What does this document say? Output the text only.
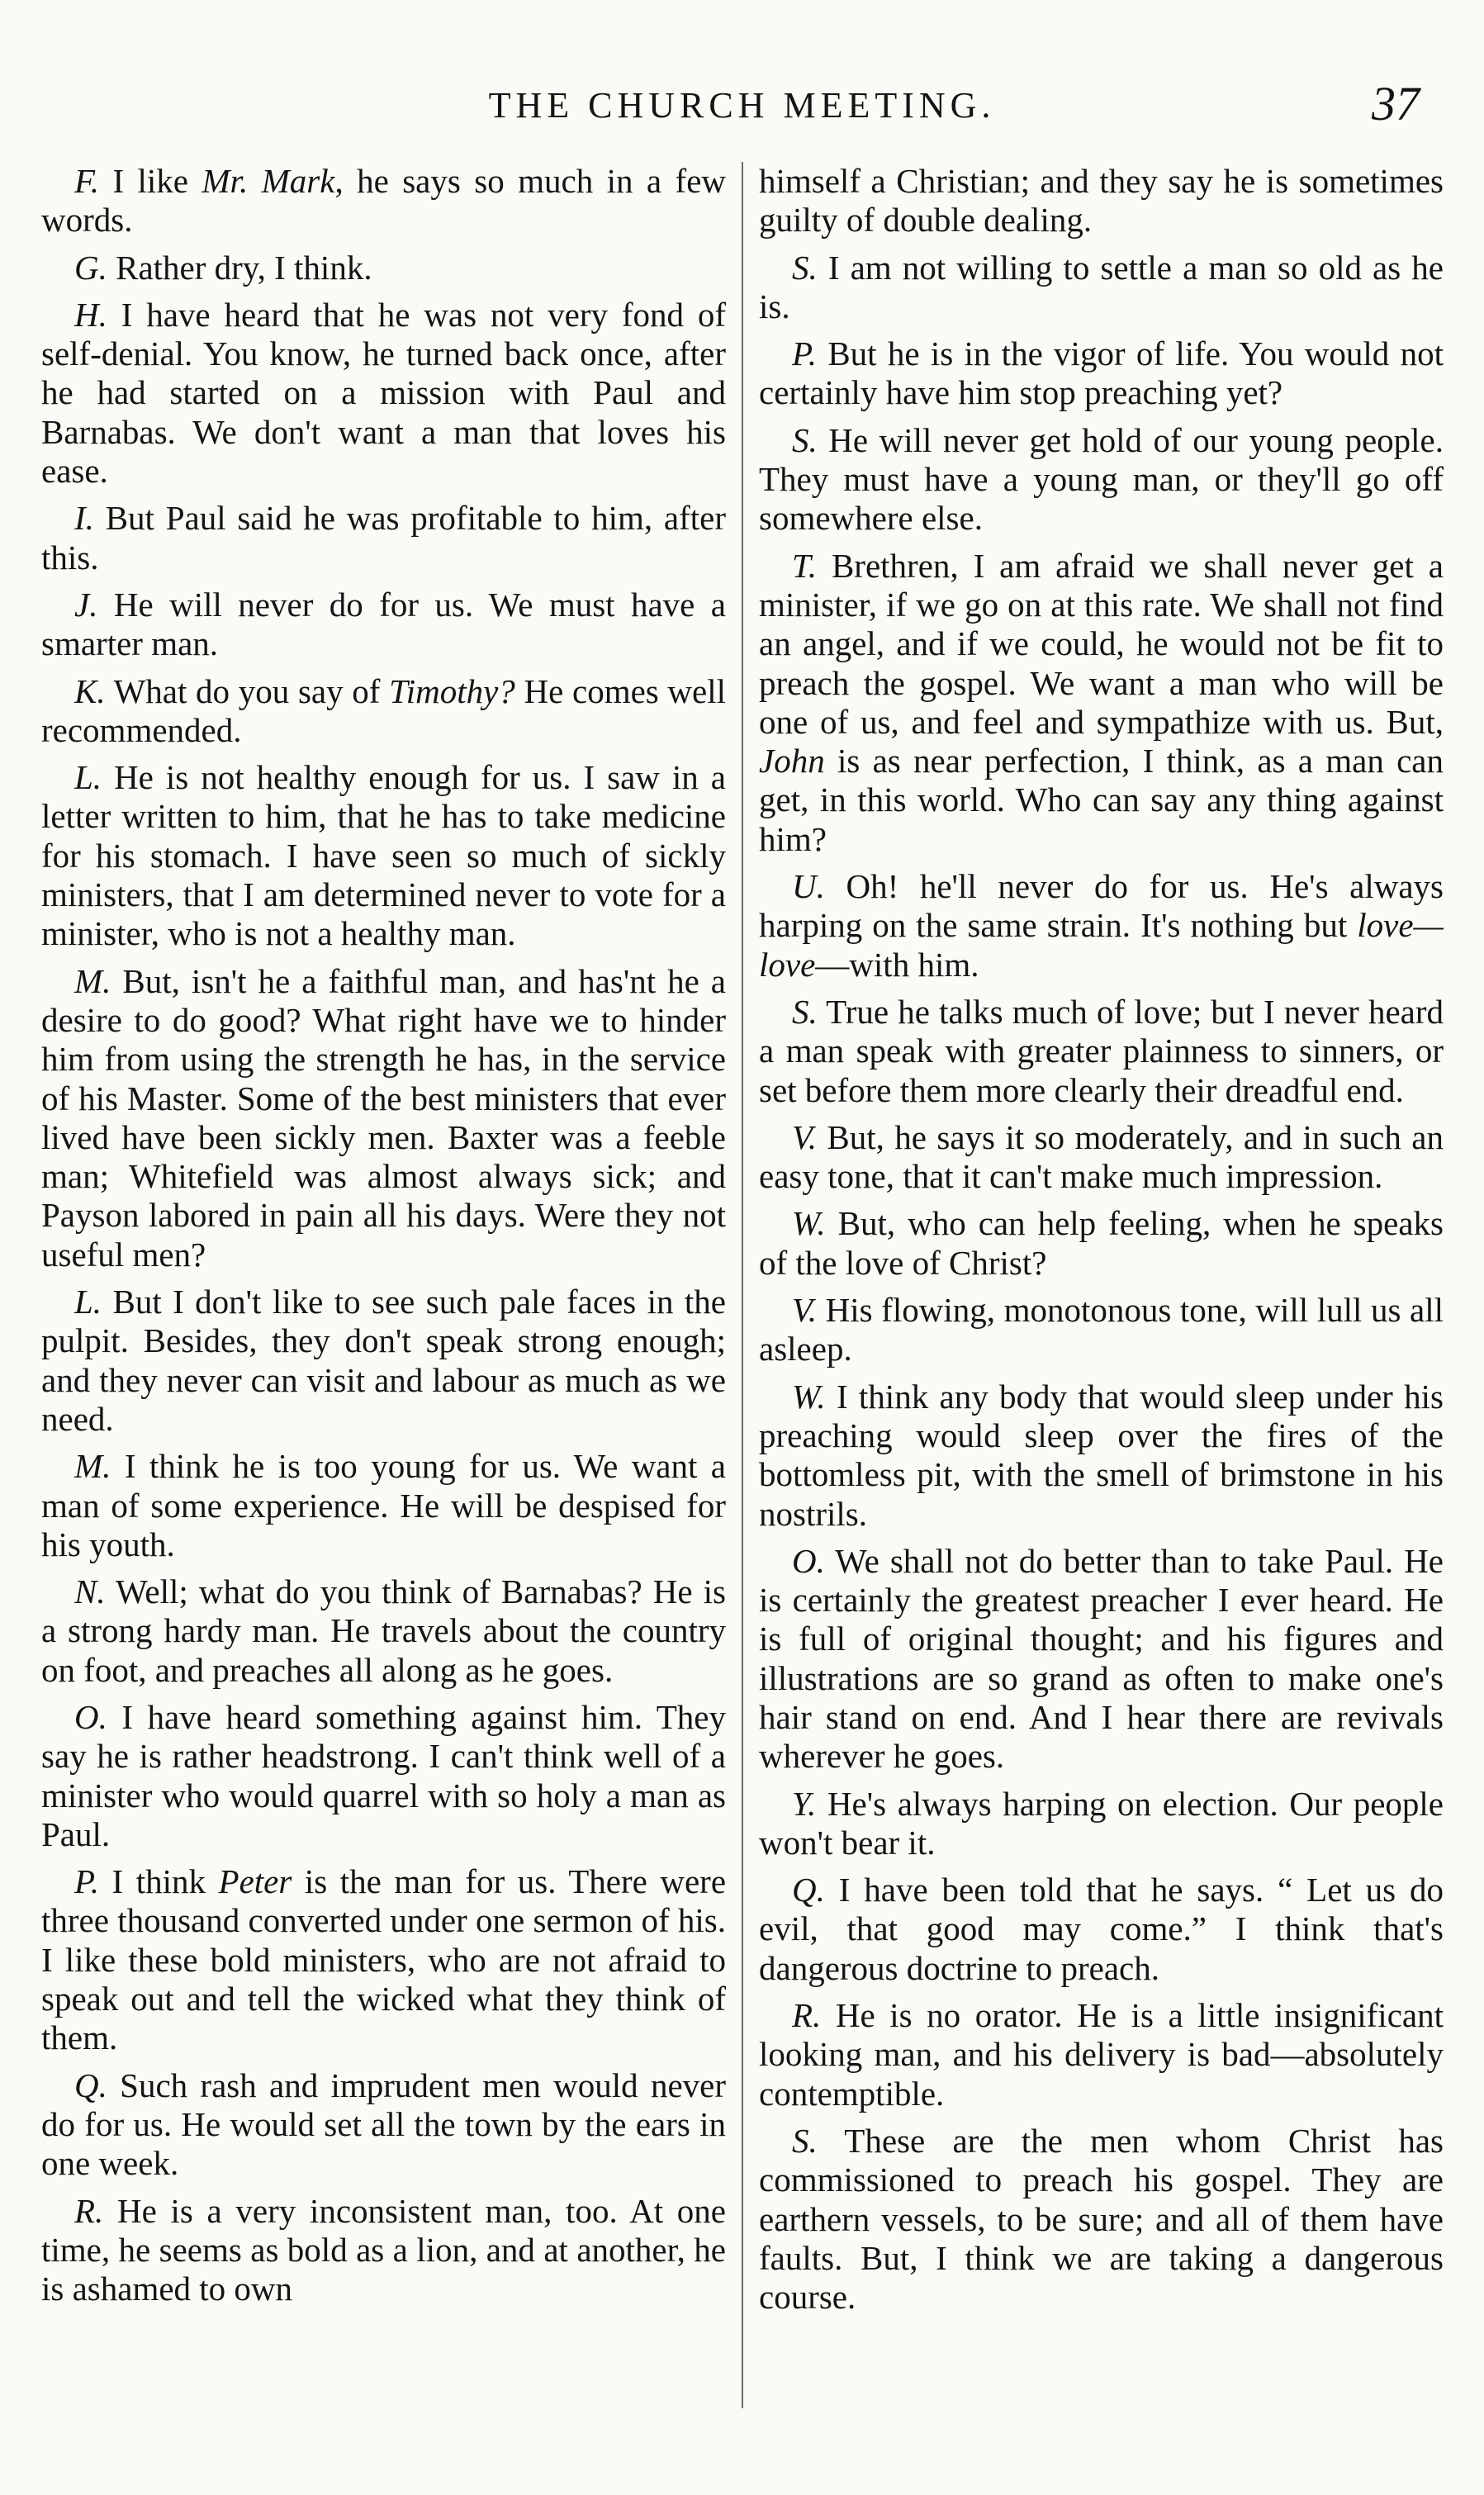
THE CHURCH MEETING.	37

F. I like Mr. Mark, he says so much in a few words.

G. Rather dry, I think.

H. I have heard that he was not very fond of self-denial. You know, he turned back once, after he had started on a mission with Paul and Barnabas. We don't want a man that loves his ease.

I. But Paul said he was profitable to him, after this.

J. He will never do for us. We must have a smarter man.

K. What do you say of Timothy? He comes well recommended.

L. He is not healthy enough for us. I saw in a letter written to him, that he has to take medicine for his stomach. I have seen so much of sickly ministers, that I am determined never to vote for a minister, who is not a healthy man.

M. But, isn't he a faithful man, and has'nt he a desire to do good? What right have we to hinder him from using the strength he has, in the service of his Master. Some of the best ministers that ever lived have been sickly men. Baxter was a feeble man; Whitefield was almost always sick; and Payson labored in pain all his days. Were they not useful men?

L. But I don't like to see such pale faces in the pulpit. Besides, they don't speak strong enough; and they never can visit and labour as much as we need.

M. I think he is too young for us. We want a man of some experience. He will be despised for his youth.

N. Well; what do you think of Barnabas? He is a strong hardy man. He travels about the country on foot, and preaches all along as he goes.

O. I have heard something against him. They say he is rather headstrong. I can't think well of a minister who would quarrel with so holy a man as Paul.

P. I think Peter is the man for us. There were three thousand converted under one sermon of his. I like these bold ministers, who are not afraid to speak out and tell the wicked what they think of them.

Q. Such rash and imprudent men would never do for us. He would set all the town by the ears in one week.

R. He is a very inconsistent man, too. At one time, he seems as bold as a lion, and at another, he is ashamed to own

himself a Christian; and they say he is sometimes guilty of double dealing.

S. I am not willing to settle a man so old as he is.

P. But he is in the vigor of life. You would not certainly have him stop preaching yet?

S. He will never get hold of our young people. They must have a young man, or they'll go off somewhere else.

T. Brethren, I am afraid we shall never get a minister, if we go on at this rate. We shall not find an angel, and if we could, he would not be fit to preach the gospel. We want a man who will be one of us, and feel and sympathize with us. But, John is as near perfection, I think, as a man can get, in this world. Who can say any thing against him?

U. Oh! he'll never do for us. He's always harping on the same strain. It's nothing but love—love—with him.

S. True he talks much of love; but I never heard a man speak with greater plainness to sinners, or set before them more clearly their dreadful end.

V. But, he says it so moderately, and in such an easy tone, that it can't make much impression.

W. But, who can help feeling, when he speaks of the love of Christ?

V. His flowing, monotonous tone, will lull us all asleep.

W. I think any body that would sleep under his preaching would sleep over the fires of the bottomless pit, with the smell of brimstone in his nostrils.

O. We shall not do better than to take Paul. He is certainly the greatest preacher I ever heard. He is full of original thought; and his figures and illustrations are so grand as often to make one's hair stand on end. And I hear there are revivals wherever he goes.

Y. He's always harping on election. Our people won't bear it.

Q. I have been told that he says. “ Let us do evil, that good may come.” I think that's dangerous doctrine to preach.

R. He is no orator. He is a little insignificant looking man, and his delivery is bad—absolutely contemptible.

S. These are the men whom Christ has commissioned to preach his gospel. They are earthern vessels, to be sure; and all of them have faults. But, I think we are taking a dangerous course.
